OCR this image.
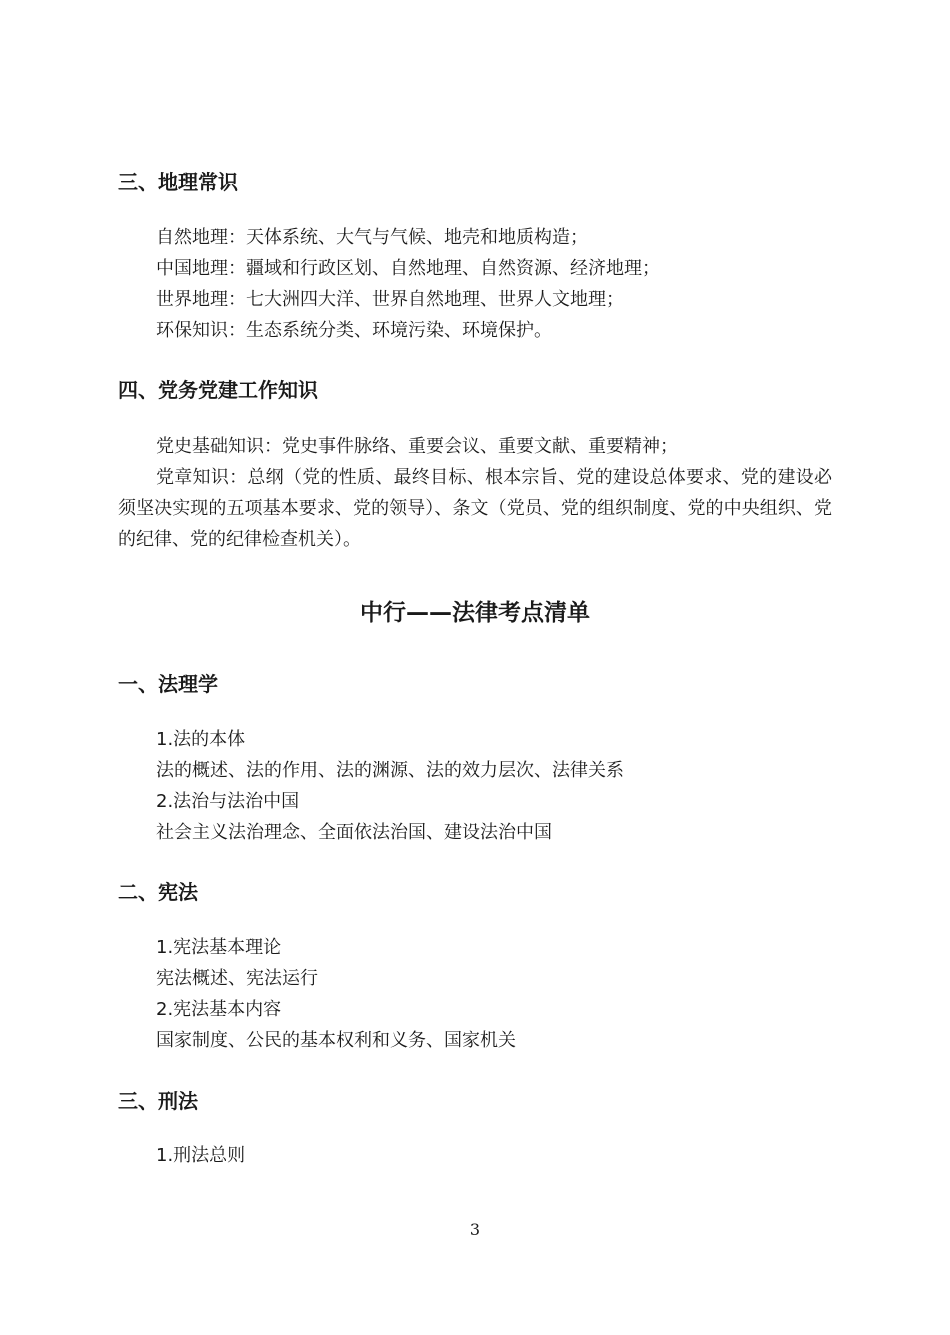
三、地理常识
自然地理：天体系统、大气与气候、地壳和地质构造；
中国地理：疆域和行政区划、自然地理、自然资源、经济地理；
世界地理：七大洲四大洋、世界自然地理、世界人文地理；
环保知识：生态系统分类、环境污染、环境保护。
四、党务党建工作知识
党史基础知识：党史事件脉络、重要会议、重要文献、重要精神；
党章知识：总纲（党的性质、最终目标、根本宗旨、党的建设总体要求、党的建设必须坚决实现的五项基本要求、党的领导）、条文（党员、党的组织制度、党的中央组织、党的纪律、党的纪律检查机关）。
中行——法律考点清单
一、法理学
1.法的本体
法的概述、法的作用、法的渊源、法的效力层次、法律关系
2.法治与法治中国
社会主义法治理念、全面依法治国、建设法治中国
二、宪法
1.宪法基本理论
宪法概述、宪法运行
2.宪法基本内容
国家制度、公民的基本权利和义务、国家机关
三、刑法
1.刑法总则
3
